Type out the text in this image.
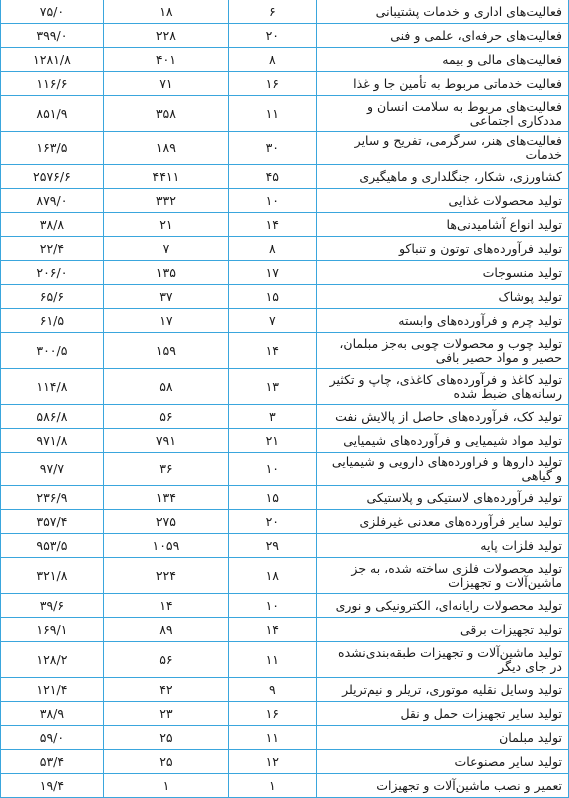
فعالیت‌های اداری و خدمات پشتیبانی	۶	۱۸	۷۵/۰
فعالیت‌های حرفه‌ای، علمی و فنی	۲۰	۲۲۸	۳۹۹/۰
فعالیت‌های مالی و بیمه	۸	۴۰۱	۱۲۸۱/۸
فعالیت خدماتی مربوط به تأمین جا و غذا	۱۶	۷۱	۱۱۶/۶
فعالیت‌های مربوط به سلامت انسان و مددکاری اجتماعی	۱۱	۳۵۸	۸۵۱/۹
فعالیت‌های هنر، سرگرمی، تفریح و سایر خدمات	۳۰	۱۸۹	۱۶۳/۵
کشاورزی، شکار، جنگلداری و ماهیگیری	۴۵	۴۴۱۱	۲۵۷۶/۶
تولید محصولات غذایی	۱۰	۳۳۲	۸۷۹/۰
تولید انواع آشامیدنی‌ها	۱۴	۲۱	۳۸/۸
تولید فرآورده‌های توتون و تنباکو	۸	۷	۲۲/۴
تولید منسوجات	۱۷	۱۳۵	۲۰۶/۰
تولید پوشاک	۱۵	۳۷	۶۵/۶
تولید چرم و فرآورده‌های وابسته	۷	۱۷	۶۱/۵
تولید چوب و محصولات چوبی به‌جز مبلمان، حصیر و مواد حصیر بافی	۱۴	۱۵۹	۳۰۰/۵
تولید کاغذ و فرآورده‌های کاغذی، چاپ و تکثیر رسانه‌های ضبط شده	۱۳	۵۸	۱۱۴/۸
تولید کک، فرآورده‌های حاصل از پالایش نفت	۳	۵۶	۵۸۶/۸
تولید مواد شیمیایی و فرآورده‌های شیمیایی	۲۱	۷۹۱	۹۷۱/۸
تولید داروها و فراورده‌های دارویی و شیمیایی و گیاهی	۱۰	۳۶	۹۷/۷
تولید فرآورده‌های لاستیکی و پلاستیکی	۱۵	۱۳۴	۲۳۶/۹
تولید سایر فرآورده‌های معدنی غیرفلزی	۲۰	۲۷۵	۳۵۷/۴
تولید فلزات پایه	۲۹	۱۰۵۹	۹۵۳/۵
تولید محصولات فلزی ساخته شده، به جز ماشین‌آلات و تجهیزات	۱۸	۲۲۴	۳۲۱/۸
تولید محصولات رایانه‌ای، الکترونیکی و نوری	۱۰	۱۴	۳۹/۶
تولید تجهیزات برقی	۱۴	۸۹	۱۶۹/۱
تولید ماشین‌آلات و تجهیزات طبقه‌بندی‌نشده در جای دیگر	۱۱	۵۶	۱۲۸/۲
تولید وسایل نقلیه موتوری، تریلر و نیم‌تریلر	۹	۴۲	۱۲۱/۴
تولید سایر تجهیزات حمل و نقل	۱۶	۲۳	۳۸/۹
تولید مبلمان	۱۱	۲۵	۵۹/۰
تولید سایر مصنوعات	۱۲	۲۵	۵۳/۴
تعمیر و نصب ماشین‌آلات و تجهیزات	۱	۱	۱۹/۴
